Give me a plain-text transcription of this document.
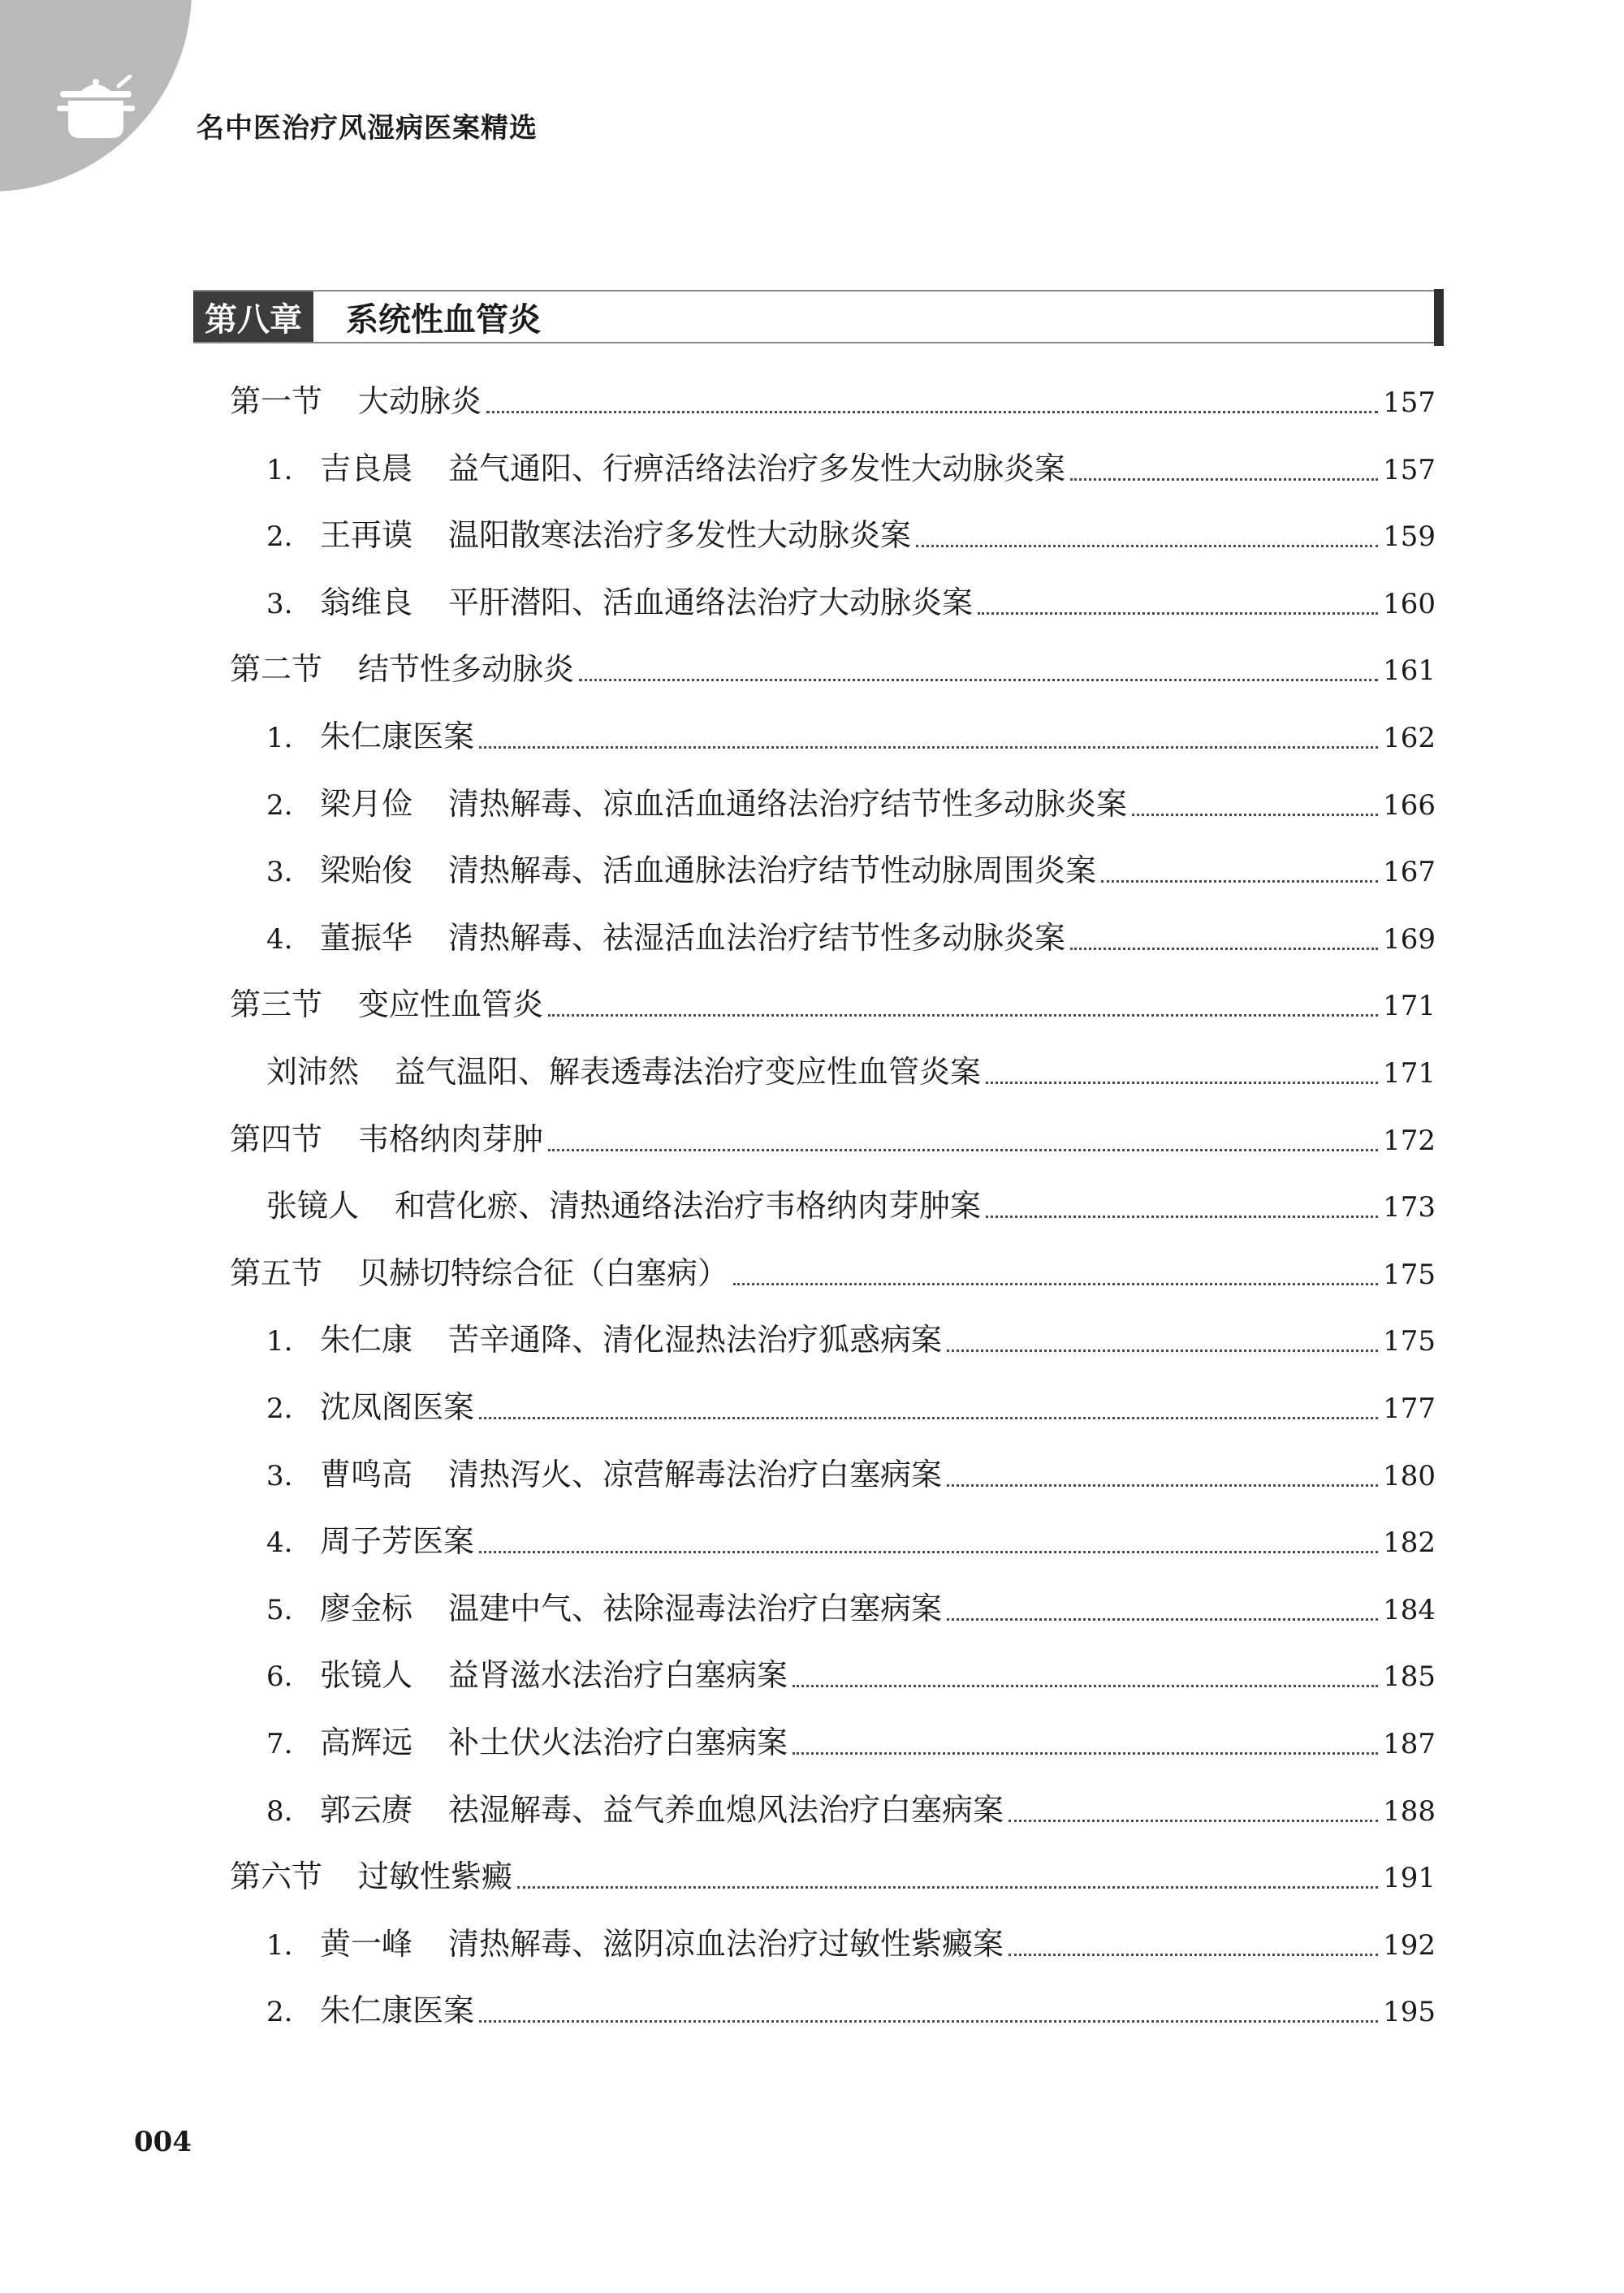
名中医治疗风湿病医案精选
第八章	系统性血管炎
第一节 大动脉炎	157
1. 吉良晨 益气通阳、行痹活络法治疗多发性大动脉炎案	157
2. 王再谟 温阳散寒法治疗多发性大动脉炎案	159
3. 翁维良 平肝潜阳、活血通络法治疗大动脉炎案	160
第二节 结节性多动脉炎	161
1. 朱仁康医案	162
2. 梁月俭 清热解毒、凉血活血通络法治疗结节性多动脉炎案	166
3. 梁贻俊 清热解毒、活血通脉法治疗结节性动脉周围炎案	167
4. 董振华 清热解毒、祛湿活血法治疗结节性多动脉炎案	169
第三节 变应性血管炎	171
刘沛然 益气温阳、解表透毒法治疗变应性血管炎案	171
第四节 韦格纳肉芽肿	172
张镜人 和营化瘀、清热通络法治疗韦格纳肉芽肿案	173
第五节 贝赫切特综合征（白塞病）	175
1. 朱仁康 苦辛通降、清化湿热法治疗狐惑病案	175
2. 沈凤阁医案	177
3. 曹鸣高 清热泻火、凉营解毒法治疗白塞病案	180
4. 周子芳医案	182
5. 廖金标 温建中气、祛除湿毒法治疗白塞病案	184
6. 张镜人 益肾滋水法治疗白塞病案	185
7. 高辉远 补土伏火法治疗白塞病案	187
8. 郭云赓 祛湿解毒、益气养血熄风法治疗白塞病案	188
第六节 过敏性紫癜	191
1. 黄一峰 清热解毒、滋阴凉血法治疗过敏性紫癜案	192
2. 朱仁康医案	195
004
